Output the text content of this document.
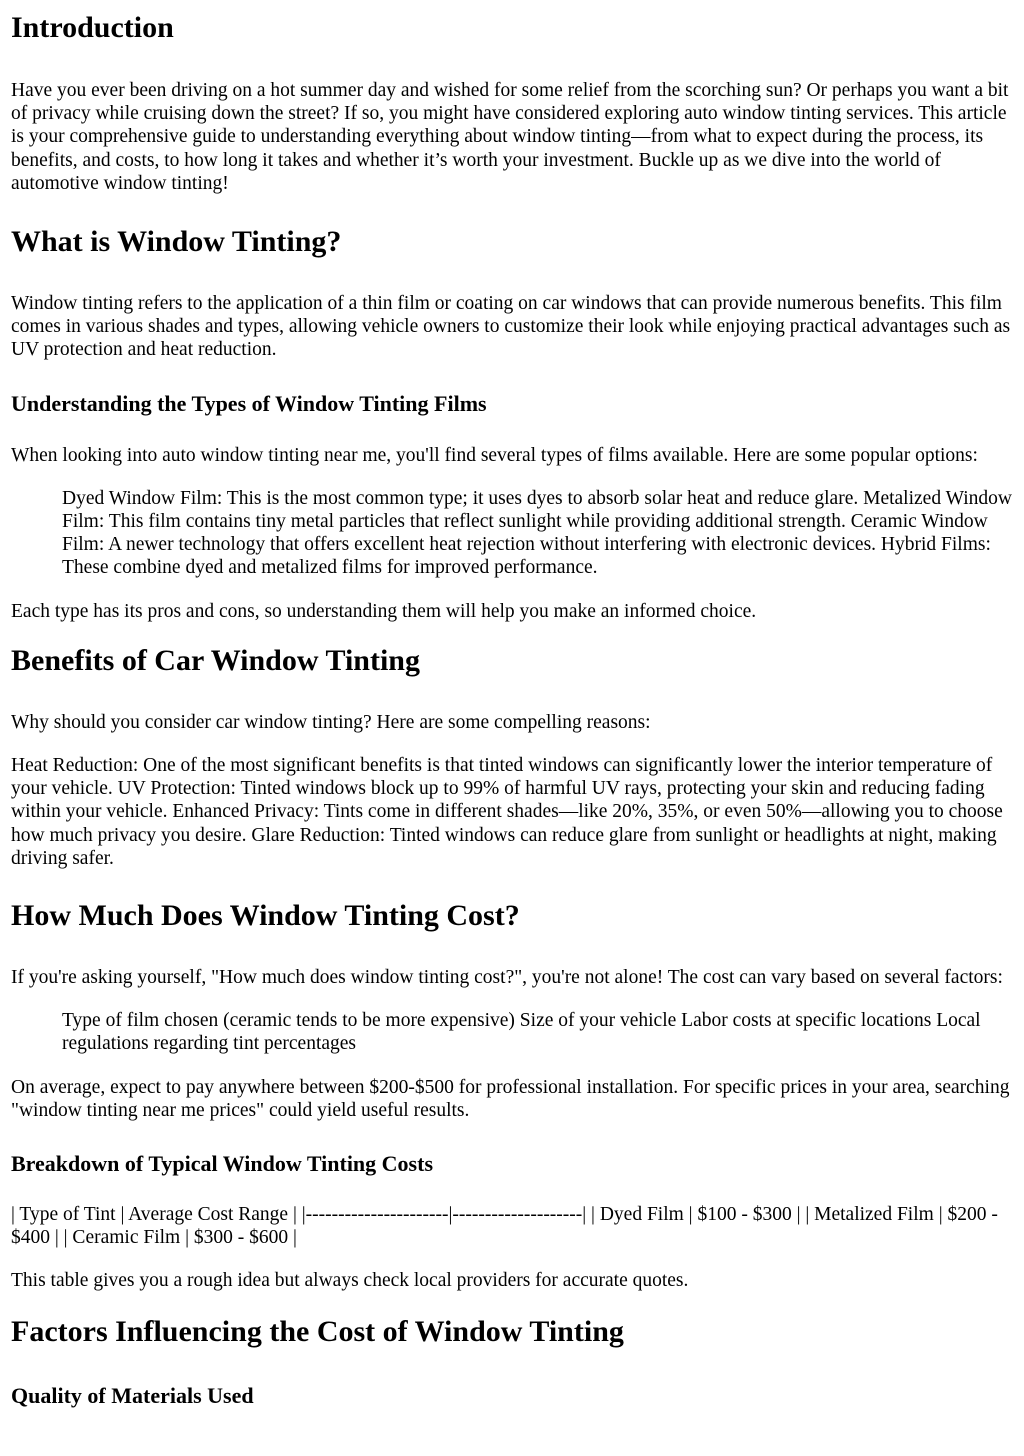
Introduction

Have you ever been driving on a hot summer day and wished for some relief from the scorching sun? Or perhaps you want a bit of privacy while cruising down the street? If so, you might have considered exploring auto window tinting services. This article is your comprehensive guide to understanding everything about window tinting—from what to expect during the process, its benefits, and costs, to how long it takes and whether it’s worth your investment. Buckle up as we dive into the world of automotive window tinting!

What is Window Tinting?

Window tinting refers to the application of a thin film or coating on car windows that can provide numerous benefits. This film comes in various shades and types, allowing vehicle owners to customize their look while enjoying practical advantages such as UV protection and heat reduction.

Understanding the Types of Window Tinting Films

When looking into auto window tinting near me, you'll find several types of films available. Here are some popular options:

Dyed Window Film: This is the most common type; it uses dyes to absorb solar heat and reduce glare. Metalized Window Film: This film contains tiny metal particles that reflect sunlight while providing additional strength. Ceramic Window Film: A newer technology that offers excellent heat rejection without interfering with electronic devices. Hybrid Films: These combine dyed and metalized films for improved performance.

Each type has its pros and cons, so understanding them will help you make an informed choice.

Benefits of Car Window Tinting

Why should you consider car window tinting? Here are some compelling reasons:

Heat Reduction: One of the most significant benefits is that tinted windows can significantly lower the interior temperature of your vehicle. UV Protection: Tinted windows block up to 99% of harmful UV rays, protecting your skin and reducing fading within your vehicle. Enhanced Privacy: Tints come in different shades—like 20%, 35%, or even 50%—allowing you to choose how much privacy you desire. Glare Reduction: Tinted windows can reduce glare from sunlight or headlights at night, making driving safer.

How Much Does Window Tinting Cost?

If you're asking yourself, "How much does window tinting cost?", you're not alone! The cost can vary based on several factors:

Type of film chosen (ceramic tends to be more expensive) Size of your vehicle Labor costs at specific locations Local regulations regarding tint percentages

On average, expect to pay anywhere between $200-$500 for professional installation. For specific prices in your area, searching "window tinting near me prices" could yield useful results.

Breakdown of Typical Window Tinting Costs

| Type of Tint | Average Cost Range | |----------------------|--------------------| | Dyed Film | $100 - $300 | | Metalized Film | $200 - $400 | | Ceramic Film | $300 - $600 |

This table gives you a rough idea but always check local providers for accurate quotes.

Factors Influencing the Cost of Window Tinting
Quality of Materials Used
